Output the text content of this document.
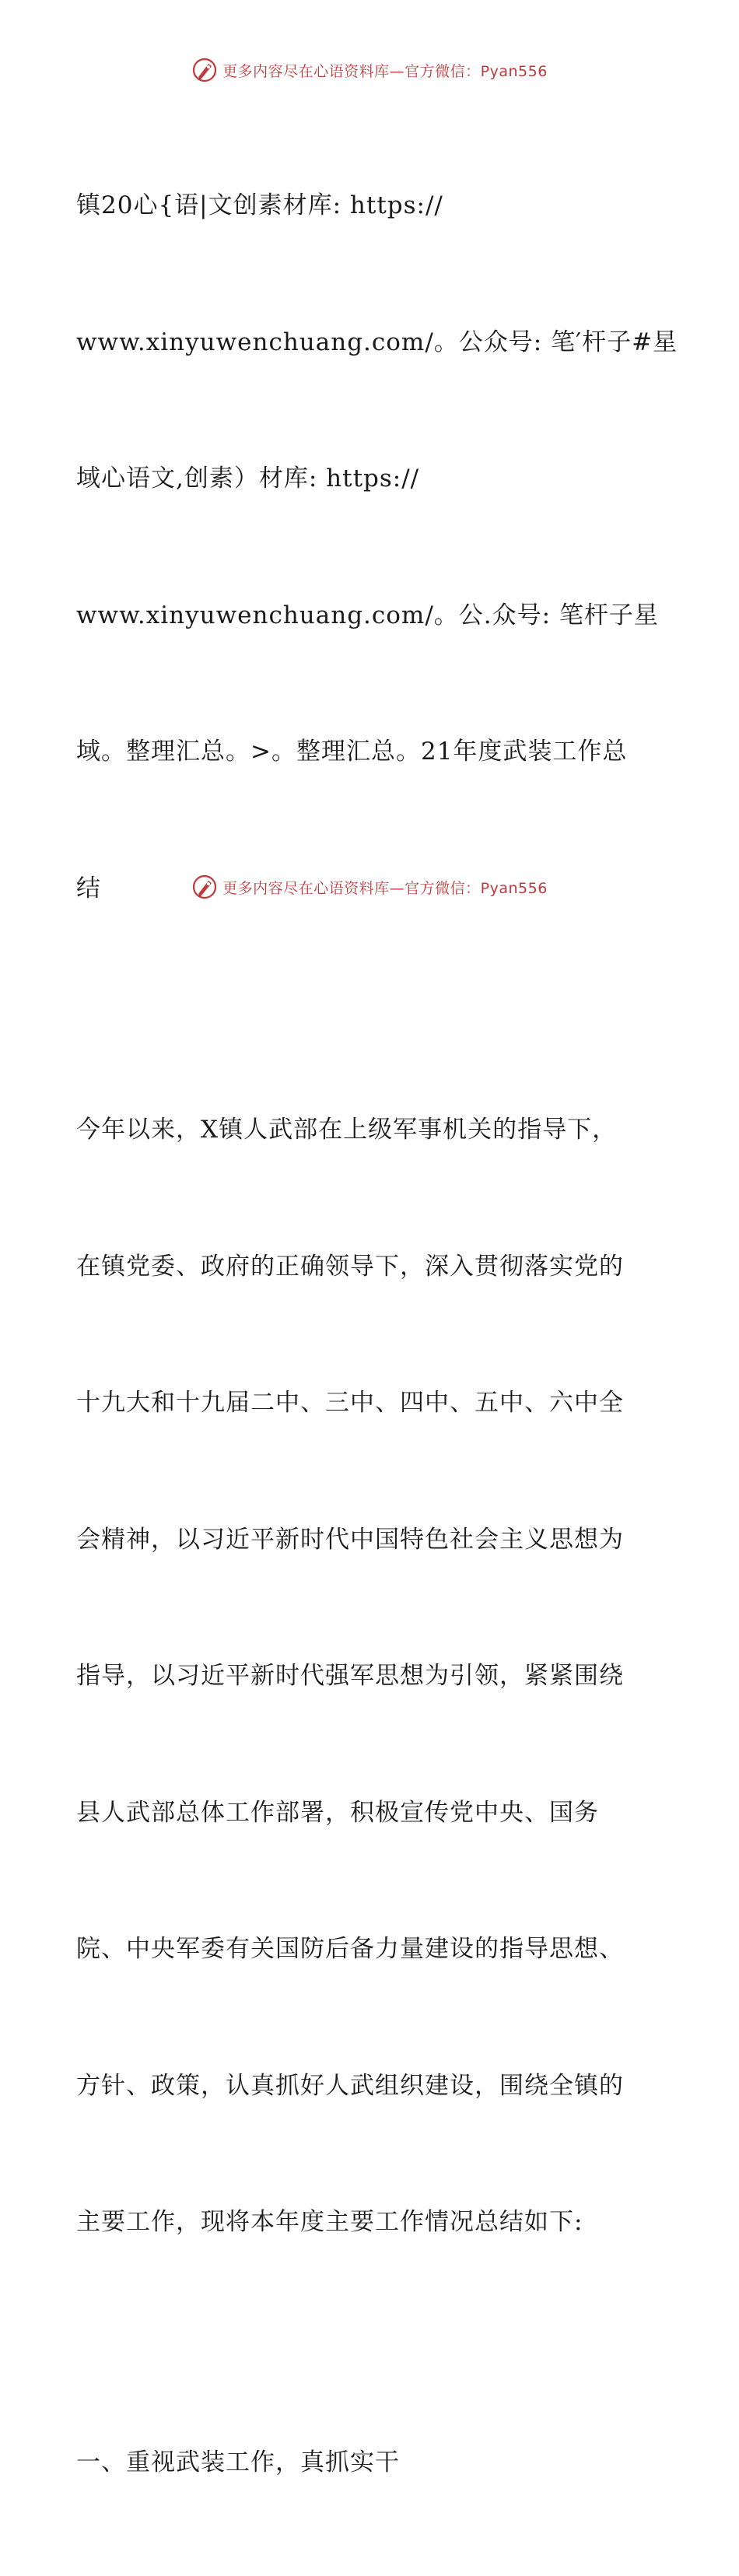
更多内容尽在心语资料库—官方微信：Pyan556

镇20心{语|文创素材库: https://

www.xinyuwenchuang.com/。公众号: 笔′杆子#星

域心语文,创素）材库: https://

www.xinyuwenchuang.com/。公.众号: 笔杆子星

域。整理汇总。>。整理汇总。21年度武装工作总

结

今年以来，X镇人武部在上级军事机关的指导下，

在镇党委、政府的正确领导下，深入贯彻落实党的

十九大和十九届二中、三中、四中、五中、六中全

会精神，以习近平新时代中国特色社会主义思想为

指导，以习近平新时代强军思想为引领，紧紧围绕

县人武部总体工作部署，积极宣传党中央、国务

院、中央军委有关国防后备力量建设的指导思想、

方针、政策，认真抓好人武组织建设，围绕全镇的

主要工作，现将本年度主要工作情况总结如下:

一、重视武装工作，真抓实干

更多内容尽在心语资料库—官方微信：Pyan556
